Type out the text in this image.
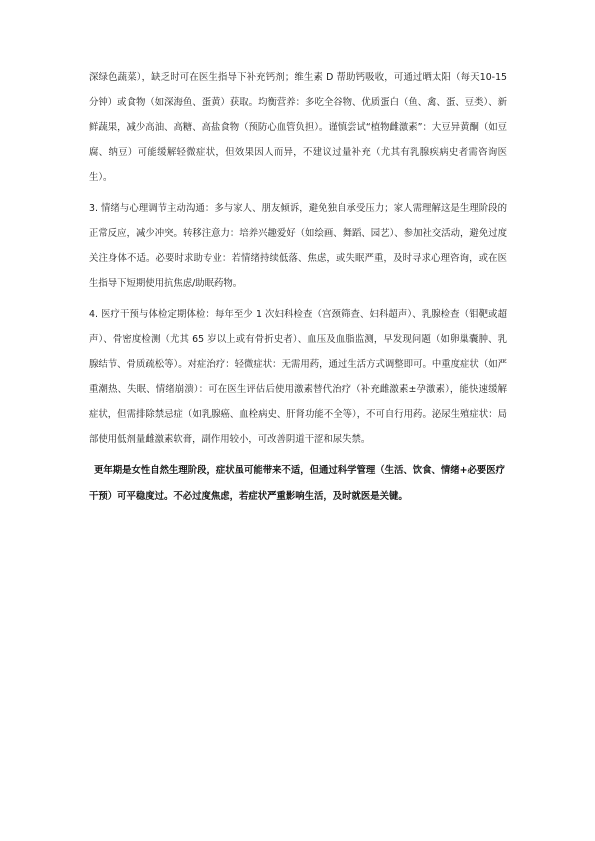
深绿色蔬菜），缺乏时可在医生指导下补充钙剂；维生素 D 帮助钙吸收，可通过晒太阳（每天10-15 分钟）或食物（如深海鱼、蛋黄）获取。均衡营养：多吃全谷物、优质蛋白（鱼、禽、蛋、豆类）、新鲜蔬果，减少高油、高糖、高盐食物（预防心血管负担）。谨慎尝试“植物雌激素”：大豆异黄酮（如豆腐、纳豆）可能缓解轻微症状，但效果因人而异，不建议过量补充（尤其有乳腺疾病史者需咨询医生）。

3. 情绪与心理调节主动沟通：多与家人、朋友倾诉，避免独自承受压力；家人需理解这是生理阶段的正常反应，减少冲突。转移注意力：培养兴趣爱好（如绘画、舞蹈、园艺）、参加社交活动，避免过度关注身体不适。必要时求助专业：若情绪持续低落、焦虑，或失眠严重，及时寻求心理咨询，或在医生指导下短期使用抗焦虑/助眠药物。

4. 医疗干预与体检定期体检：每年至少 1 次妇科检查（宫颈筛查、妇科超声）、乳腺检查（钼靶或超声）、骨密度检测（尤其 65 岁以上或有骨折史者）、血压及血脂监测，早发现问题（如卵巢囊肿、乳腺结节、骨质疏松等）。对症治疗：轻微症状：无需用药，通过生活方式调整即可。中重度症状（如严重潮热、失眠、情绪崩溃）：可在医生评估后使用激素替代治疗（补充雌激素±孕激素），能快速缓解症状，但需排除禁忌症（如乳腺癌、血栓病史、肝肾功能不全等），不可自行用药。泌尿生殖症状：局部使用低剂量雌激素软膏，副作用较小，可改善阴道干涩和尿失禁。

更年期是女性自然生理阶段，症状虽可能带来不适，但通过科学管理（生活、饮食、情绪+必要医疗干预）可平稳度过。不必过度焦虑，若症状严重影响生活，及时就医是关键。
